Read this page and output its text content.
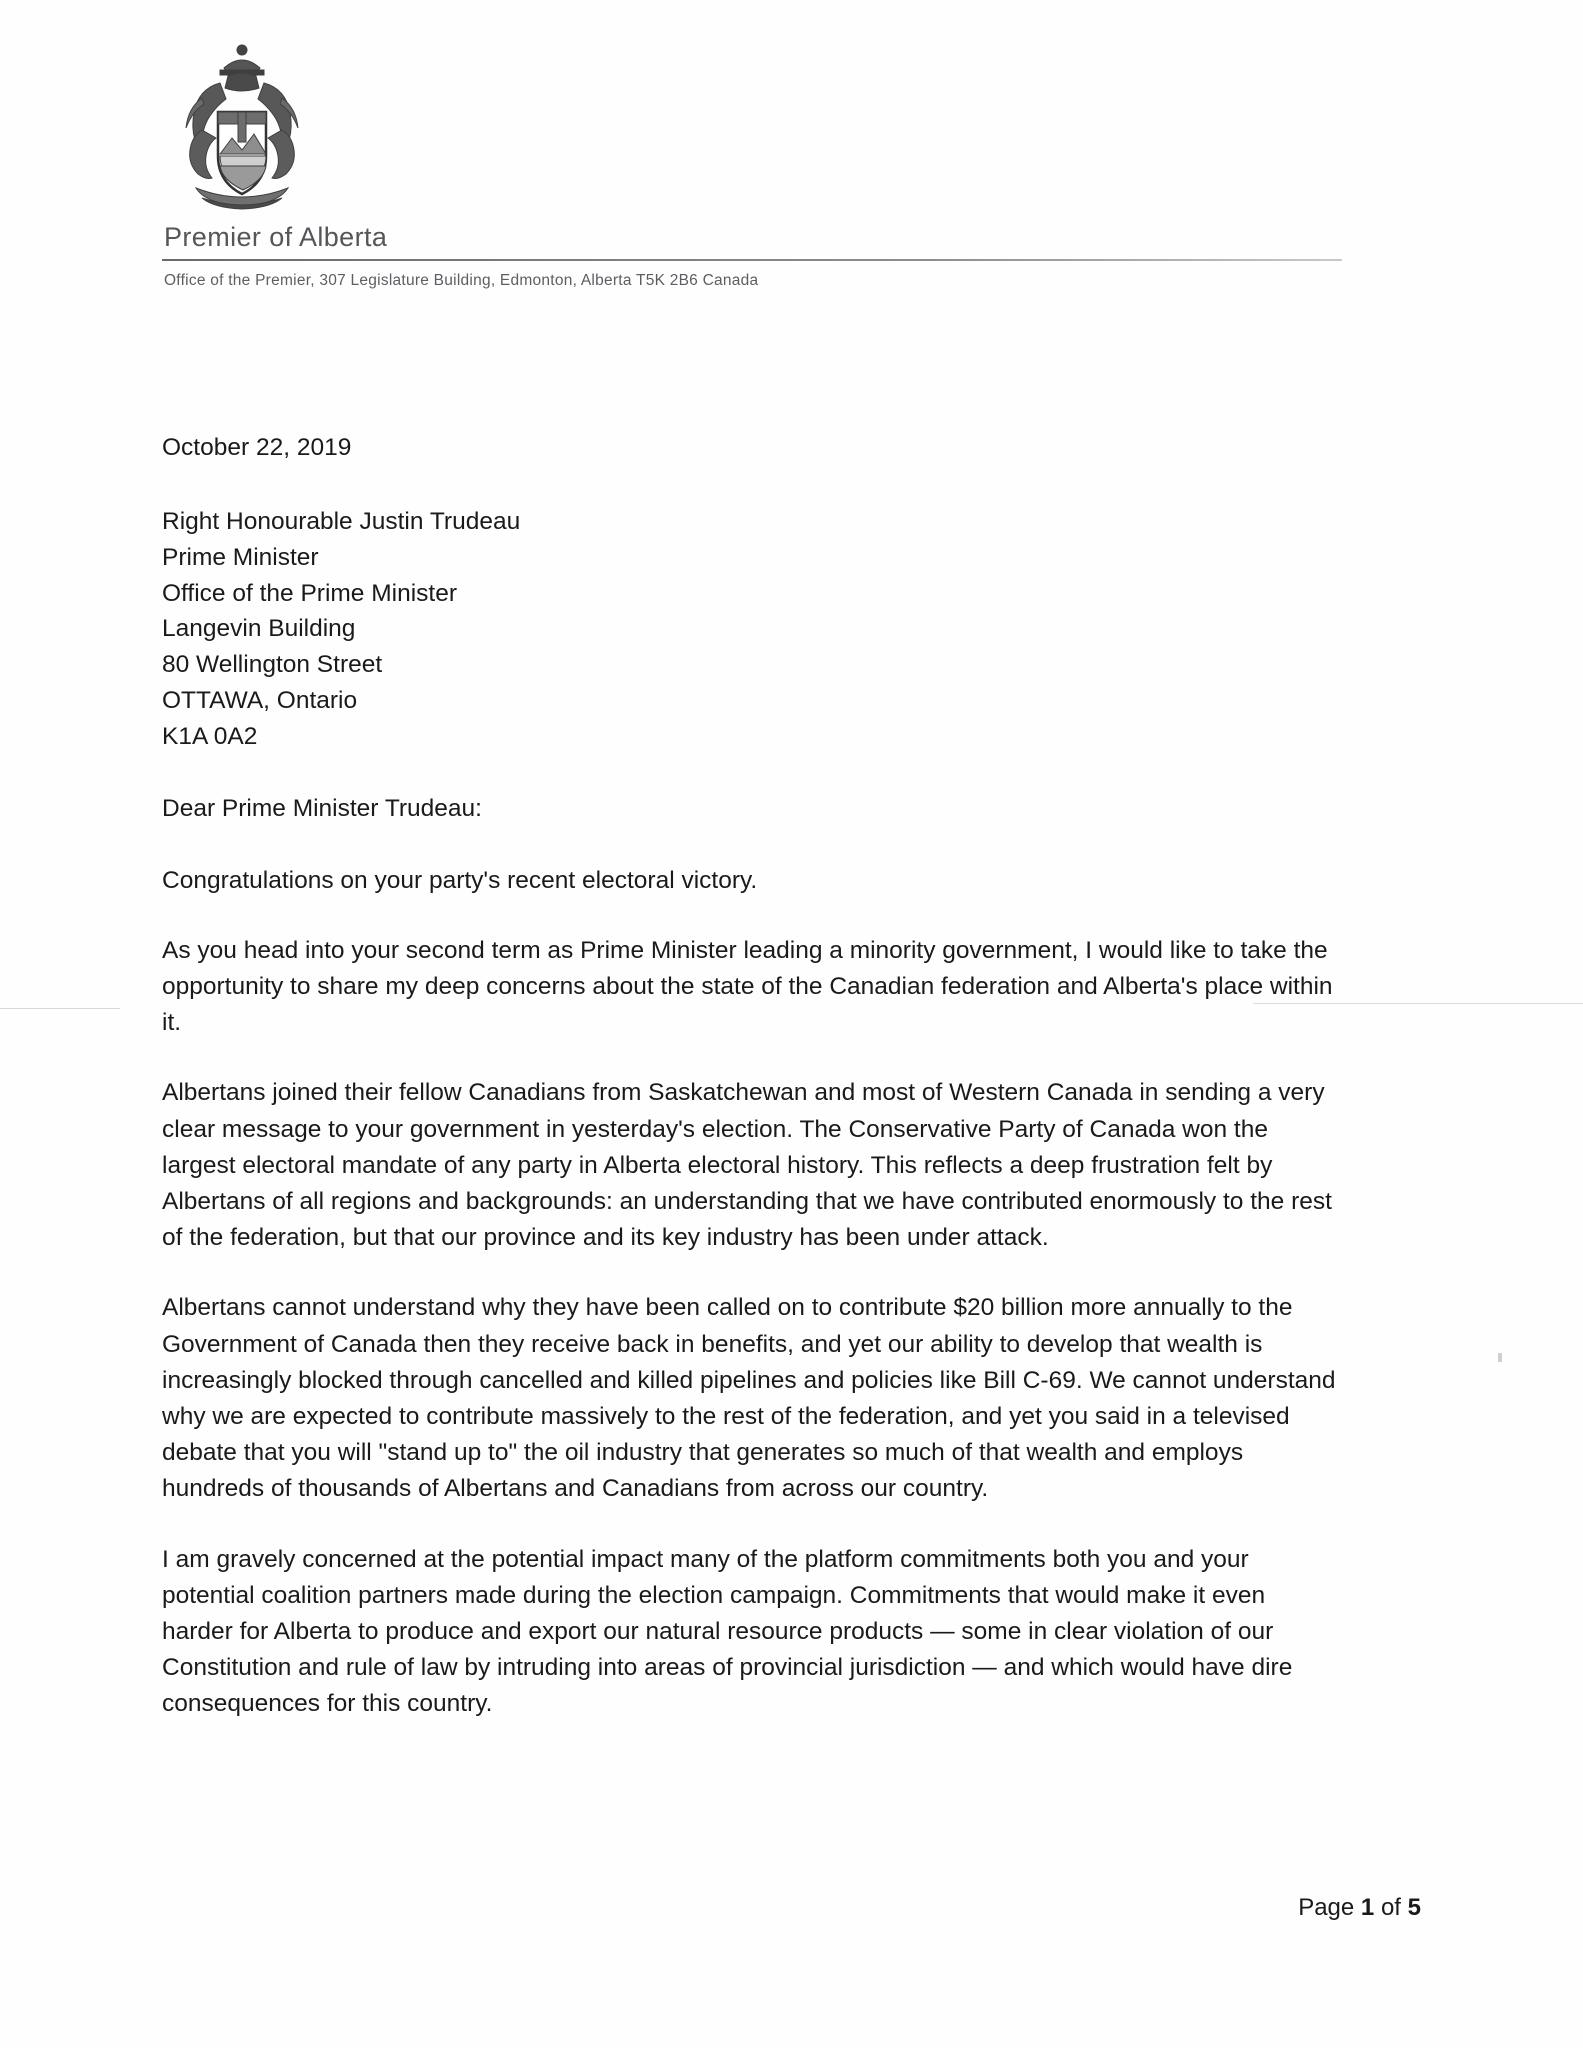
Premier of Alberta
Office of the Premier, 307 Legislature Building, Edmonton, Alberta T5K 2B6 Canada
October 22, 2019
Right Honourable Justin Trudeau
Prime Minister
Office of the Prime Minister
Langevin Building
80 Wellington Street
OTTAWA, Ontario
K1A 0A2
Dear Prime Minister Trudeau:

Congratulations on your party's recent electoral victory.

As you head into your second term as Prime Minister leading a minority government, I would like to take the opportunity to share my deep concerns about the state of the Canadian federation and Alberta's place within it.

Albertans joined their fellow Canadians from Saskatchewan and most of Western Canada in sending a very clear message to your government in yesterday's election. The Conservative Party of Canada won the largest electoral mandate of any party in Alberta electoral history. This reflects a deep frustration felt by Albertans of all regions and backgrounds: an understanding that we have contributed enormously to the rest of the federation, but that our province and its key industry has been under attack.

Albertans cannot understand why they have been called on to contribute $20 billion more annually to the Government of Canada then they receive back in benefits, and yet our ability to develop that wealth is increasingly blocked through cancelled and killed pipelines and policies like Bill C-69. We cannot understand why we are expected to contribute massively to the rest of the federation, and yet you said in a televised debate that you will "stand up to" the oil industry that generates so much of that wealth and employs hundreds of thousands of Albertans and Canadians from across our country.

I am gravely concerned at the potential impact many of the platform commitments both you and your potential coalition partners made during the election campaign. Commitments that would make it even harder for Alberta to produce and export our natural resource products — some in clear violation of our Constitution and rule of law by intruding into areas of provincial jurisdiction — and which would have dire consequences for this country.

Page 1 of 5
